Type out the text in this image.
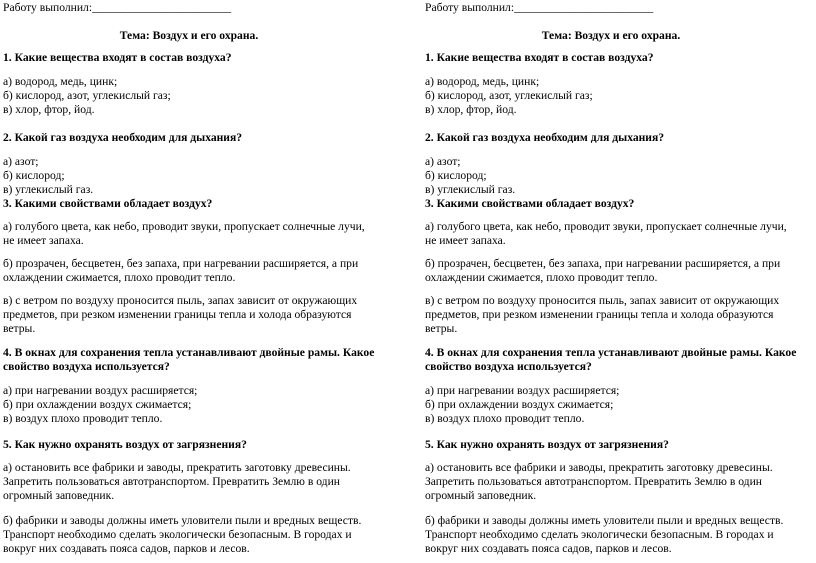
Работу выполнил:________________________
Тема: Воздух и его охрана.
1. Какие вещества входят в состав воздуха?
а) водород, медь, цинк;
б) кислород, азот, углекислый газ;
в) хлор, фтор, йод.
2. Какой газ воздуха необходим для дыхания?
а) азот;
б) кислород;
в) углекислый газ.
3. Какими свойствами обладает воздух?
а) голубого цвета, как небо, проводит звуки, пропускает солнечные лучи,
не имеет запаха.
б) прозрачен, бесцветен, без запаха, при нагревании расширяется, а при
охлаждении сжимается, плохо проводит тепло.
в) с ветром по воздуху проносится пыль, запах зависит от окружающих
предметов, при резком изменении границы тепла и холода образуются
ветры.
4. В окнах для сохранения тепла устанавливают двойные рамы. Какое
свойство воздуха используется?
а) при нагревании воздух расширяется;
б) при охлаждении воздух сжимается;
в) воздух плохо проводит тепло.
5. Как нужно охранять воздух от загрязнения?
а) остановить все фабрики и заводы, прекратить заготовку древесины.
Запретить пользоваться автотранспортом. Превратить Землю в один
огромный заповедник.
б) фабрики и заводы должны иметь уловители пыли и вредных веществ.
Транспорт необходимо сделать экологически безопасным. В городах и
вокруг них создавать пояса садов, парков и лесов.
Работу выполнил:________________________
Тема: Воздух и его охрана.
1. Какие вещества входят в состав воздуха?
а) водород, медь, цинк;
б) кислород, азот, углекислый газ;
в) хлор, фтор, йод.
2. Какой газ воздуха необходим для дыхания?
а) азот;
б) кислород;
в) углекислый газ.
3. Какими свойствами обладает воздух?
а) голубого цвета, как небо, проводит звуки, пропускает солнечные лучи,
не имеет запаха.
б) прозрачен, бесцветен, без запаха, при нагревании расширяется, а при
охлаждении сжимается, плохо проводит тепло.
в) с ветром по воздуху проносится пыль, запах зависит от окружающих
предметов, при резком изменении границы тепла и холода образуются
ветры.
4. В окнах для сохранения тепла устанавливают двойные рамы. Какое
свойство воздуха используется?
а) при нагревании воздух расширяется;
б) при охлаждении воздух сжимается;
в) воздух плохо проводит тепло.
5. Как нужно охранять воздух от загрязнения?
а) остановить все фабрики и заводы, прекратить заготовку древесины.
Запретить пользоваться автотранспортом. Превратить Землю в один
огромный заповедник.
б) фабрики и заводы должны иметь уловители пыли и вредных веществ.
Транспорт необходимо сделать экологически безопасным. В городах и
вокруг них создавать пояса садов, парков и лесов.
